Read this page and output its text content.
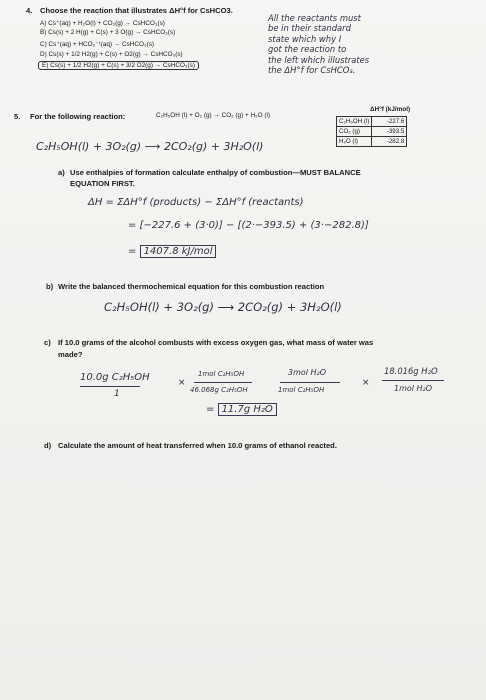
4. Choose the reaction that illustrates ΔH°f for CsHCO3.
A) Cs⁺(aq) + H₂O(l) + CO₂(g) → CsHCO₃(s)
B) Cs(s) + 2 H(g) + C(s) + 3 O(g) → CsHCO₃(s)
C) Cs⁺(aq) + HCO₃⁻¹(aq) → CsHCO₃(s)
D) Cs(s) + 1/2 H2(g) + C(s) + O2(g) → CsHCO₃(s)
E) Cs(s) + 1/2 H2(g) + C(s) + 3/2 O2(g) → CsHCO₃(s)
All the reactants must
be in their standard
state which why I
got the reaction to
the left which illustrates
the ΔH°f for CsHCO₃.
5. For the following reaction:	C₂H₅OH (l) + O₂ (g) → CO₂ (g) + H₂O (l)
ΔH°f (kJ/mol)
C₂H₅OH (l)	-227.6
CO₂ (g)	-393.5
H₂O (l)	-282.8
C₂H₅OH(l) + 3O₂(g) ⟶ 2CO₂(g) + 3H₂O(l)
a) Use enthalpies of formation calculate enthalpy of combustion—MUST BALANCE
EQUATION FIRST.
ΔH = ΣΔH°f (products) − ΣΔH°f (reactants)
= [−227.6 + (3·0)] − [(2·−393.5) + (3·−282.8)]
= 1407.8 kJ/mol
b) Write the balanced thermochemical equation for this combustion reaction
C₂H₅OH(l) + 3O₂(g) ⟶ 2CO₂(g) + 3H₂O(l)
c) If 10.0 grams of the alcohol combusts with excess oxygen gas, what mass of water was
made?
10.0g C₂H₅OH
1
×
1mol C₂H₅OH
46.068g C₂H₅OH
3mol H₂O
1mol C₂H₅OH
×
18.016g H₂O
1mol H₂O
= 11.7g H₂O
d) Calculate the amount of heat transferred when 10.0 grams of ethanol reacted.
